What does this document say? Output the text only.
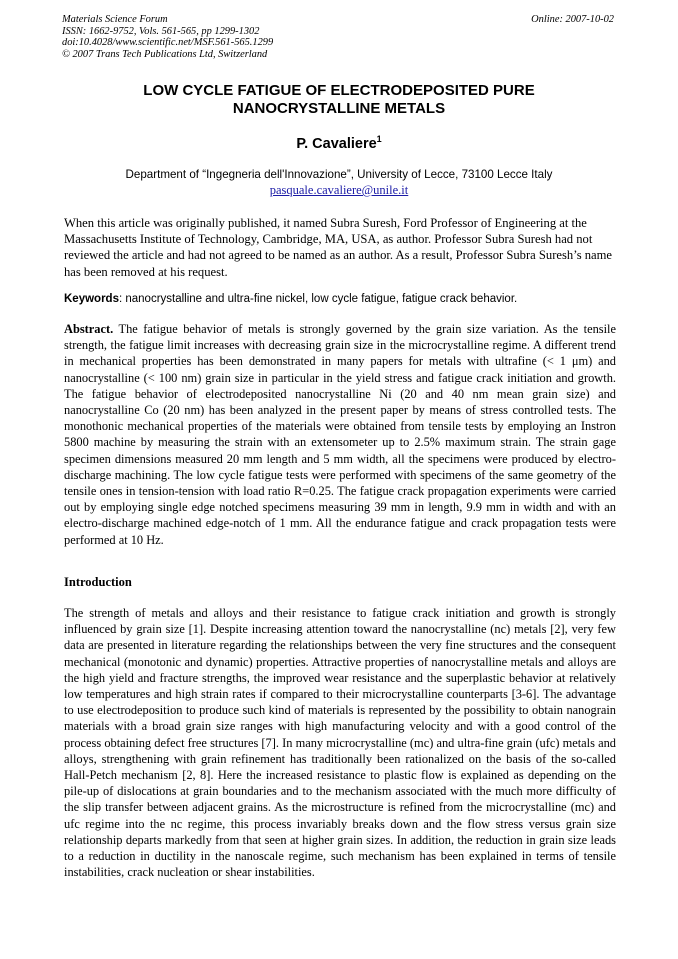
Materials Science Forum
ISSN: 1662-9752, Vols. 561-565, pp 1299-1302
doi:10.4028/www.scientific.net/MSF.561-565.1299
© 2007 Trans Tech Publications Ltd, Switzerland
Online: 2007-10-02
LOW CYCLE FATIGUE OF ELECTRODEPOSITED PURE
NANOCRYSTALLINE METALS
P. Cavaliere$^1$
Department of “Ingegneria dell'Innovazione”, University of Lecce, 73100 Lecce Italy
pasquale.cavaliere@unile.it
When this article was originally published, it named Subra Suresh, Ford Professor of Engineering at the Massachusetts Institute of Technology, Cambridge, MA, USA, as author. Professor Subra Suresh had not reviewed the article and had not agreed to be named as an author. As a result, Professor Subra Suresh’s name has been removed at his request.
Keywords: nanocrystalline and ultra-fine nickel, low cycle fatigue, fatigue crack behavior.
Abstract. The fatigue behavior of metals is strongly governed by the grain size variation. As the tensile strength, the fatigue limit increases with decreasing grain size in the microcrystalline regime. A different trend in mechanical properties has been demonstrated in many papers for metals with ultrafine (< 1 μm) and nanocrystalline (< 100 nm) grain size in particular in the yield stress and fatigue crack initiation and growth. The fatigue behavior of electrodeposited nanocrystalline Ni (20 and 40 nm mean grain size) and nanocrystalline Co (20 nm) has been analyzed in the present paper by means of stress controlled tests. The monothonic mechanical properties of the materials were obtained from tensile tests by employing an Instron 5800 machine by measuring the strain with an extensometer up to 2.5% maximum strain. The strain gage specimen dimensions measured 20 mm length and 5 mm width, all the specimens were produced by electro-discharge machining. The low cycle fatigue tests were performed with specimens of the same geometry of the tensile ones in tension-tension with load ratio R=0.25. The fatigue crack propagation experiments were carried out by employing single edge notched specimens measuring 39 mm in length, 9.9 mm in width and with an electro-discharge machined edge-notch of 1 mm. All the endurance fatigue and crack propagation tests were performed at 10 Hz.
Introduction
The strength of metals and alloys and their resistance to fatigue crack initiation and growth is strongly influenced by grain size [1]. Despite increasing attention toward the nanocrystalline (nc) metals [2], very few data are presented in literature regarding the relationships between the very fine structures and the consequent mechanical (monotonic and dynamic) properties. Attractive properties of nanocrystalline metals and alloys are the high yield and fracture strengths, the improved wear resistance and the superplastic behavior at relatively low temperatures and high strain rates if compared to their microcrystalline counterparts [3-6]. The advantage to use electrodeposition to produce such kind of materials is represented by the possibility to obtain nanograin materials with a broad grain size ranges with high manufacturing velocity and with a good control of the process obtaining defect free structures [7]. In many microcrystalline (mc) and ultra-fine grain (ufc) metals and alloys, strengthening with grain refinement has traditionally been rationalized on the basis of the so-called Hall-Petch mechanism [2, 8]. Here the increased resistance to plastic flow is explained as depending on the pile-up of dislocations at grain boundaries and to the mechanism associated with the much more difficulty of the slip transfer between adjacent grains. As the microstructure is refined from the microcrystalline (mc) and ufc regime into the nc regime, this process invariably breaks down and the flow stress versus grain size relationship departs markedly from that seen at higher grain sizes. In addition, the reduction in grain size leads to a reduction in ductility in the nanoscale regime, such mechanism has been explained in terms of tensile instabilities, crack nucleation or shear instabilities.
